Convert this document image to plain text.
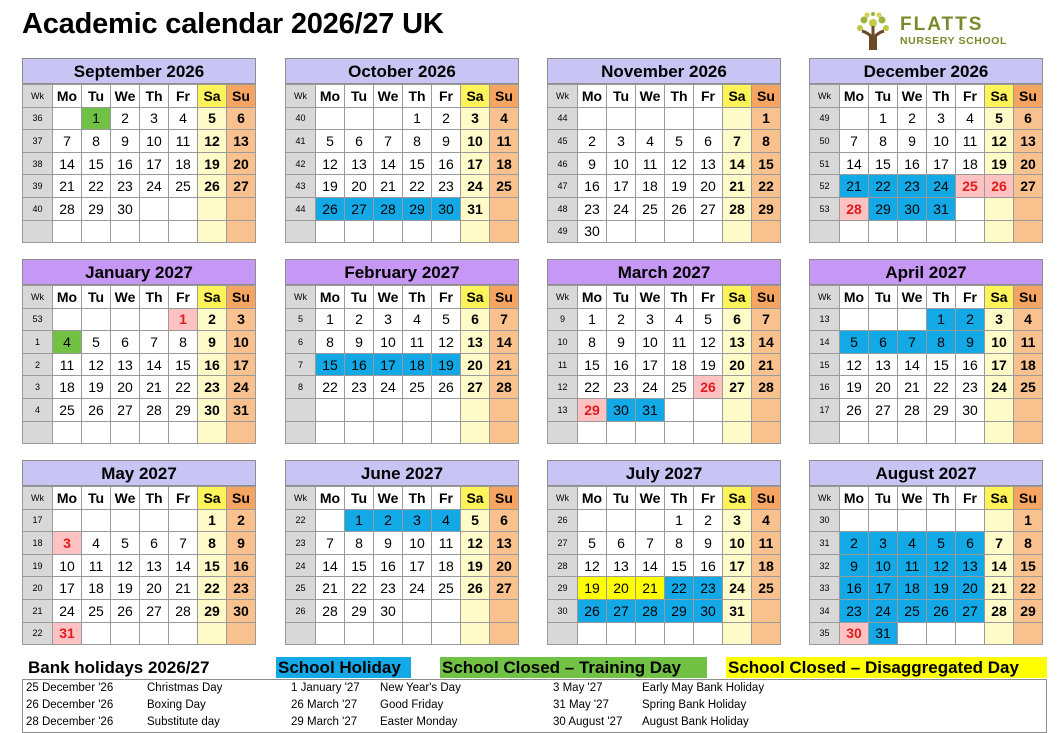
Academic calendar 2026/27 UK	FLATTS
NURSERY SCHOOL
September 2026
Wk	Mo	Tu	We	Th	Fr	Sa	Su
36		1	2	3	4	5	6
37	7	8	9	10	11	12	13
38	14	15	16	17	18	19	20
39	21	22	23	24	25	26	27
40	28	29	30				

October 2026
Wk	Mo	Tu	We	Th	Fr	Sa	Su
40				1	2	3	4
41	5	6	7	8	9	10	11
42	12	13	14	15	16	17	18
43	19	20	21	22	23	24	25
44	26	27	28	29	30	31	

November 2026
Wk	Mo	Tu	We	Th	Fr	Sa	Su
44							1
45	2	3	4	5	6	7	8
46	9	10	11	12	13	14	15
47	16	17	18	19	20	21	22
48	23	24	25	26	27	28	29
49	30						
December 2026
Wk	Mo	Tu	We	Th	Fr	Sa	Su
49		1	2	3	4	5	6
50	7	8	9	10	11	12	13
51	14	15	16	17	18	19	20
52	21	22	23	24	25	26	27
53	28	29	30	31			

January 2027
Wk	Mo	Tu	We	Th	Fr	Sa	Su
53					1	2	3
1	4	5	6	7	8	9	10
2	11	12	13	14	15	16	17
3	18	19	20	21	22	23	24
4	25	26	27	28	29	30	31

February 2027
Wk	Mo	Tu	We	Th	Fr	Sa	Su
5	1	2	3	4	5	6	7
6	8	9	10	11	12	13	14
7	15	16	17	18	19	20	21
8	22	23	24	25	26	27	28

March 2027
Wk	Mo	Tu	We	Th	Fr	Sa	Su
9	1	2	3	4	5	6	7
10	8	9	10	11	12	13	14
11	15	16	17	18	19	20	21
12	22	23	24	25	26	27	28
13	29	30	31				

April 2027
Wk	Mo	Tu	We	Th	Fr	Sa	Su
13				1	2	3	4
14	5	6	7	8	9	10	11
15	12	13	14	15	16	17	18
16	19	20	21	22	23	24	25
17	26	27	28	29	30		

May 2027
Wk	Mo	Tu	We	Th	Fr	Sa	Su
17						1	2
18	3	4	5	6	7	8	9
19	10	11	12	13	14	15	16
20	17	18	19	20	21	22	23
21	24	25	26	27	28	29	30
22	31						
June 2027
Wk	Mo	Tu	We	Th	Fr	Sa	Su
22		1	2	3	4	5	6
23	7	8	9	10	11	12	13
24	14	15	16	17	18	19	20
25	21	22	23	24	25	26	27
26	28	29	30				

July 2027
Wk	Mo	Tu	We	Th	Fr	Sa	Su
26				1	2	3	4
27	5	6	7	8	9	10	11
28	12	13	14	15	16	17	18
29	19	20	21	22	23	24	25
30	26	27	28	29	30	31	

August 2027
Wk	Mo	Tu	We	Th	Fr	Sa	Su
30							1
31	2	3	4	5	6	7	8
32	9	10	11	12	13	14	15
33	16	17	18	19	20	21	22
34	23	24	25	26	27	28	29
35	30	31					
Bank holidays 2026/27	School Holiday	School Closed – Training Day	School Closed – Disaggregated Day
25 December '26	Christmas Day
26 December '26	Boxing Day
28 December '26	Substitute day
1 January '27 New Year's Day
26 March '27 Good Friday
29 March '27 Easter Monday
3 May '27	Early May Bank Holiday
31 May '27	Spring Bank Holiday
30 August '27 August Bank Holiday
